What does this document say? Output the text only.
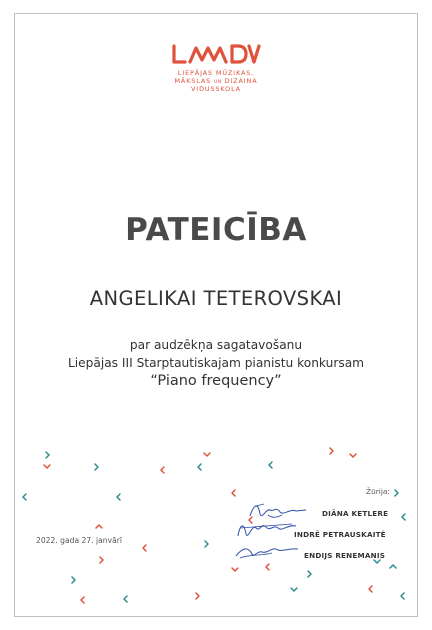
LIEPĀJAS MŪZIKAS,
MĀKSLAS UN DIZAINA
VIDUSSKOLA
PATEICĪBA
ANGELIKAI TETEROVSKAI
par audzēkņa sagatavošanu
Liepājas III Starptautiskajam pianistu konkursam
“Piano frequency”
2022. gada 27. janvārī
Žūrija:
DIĀNA KETLERE
INDRĒ PETRAUSKAITĖ
ENDIJS RENEMANIS
